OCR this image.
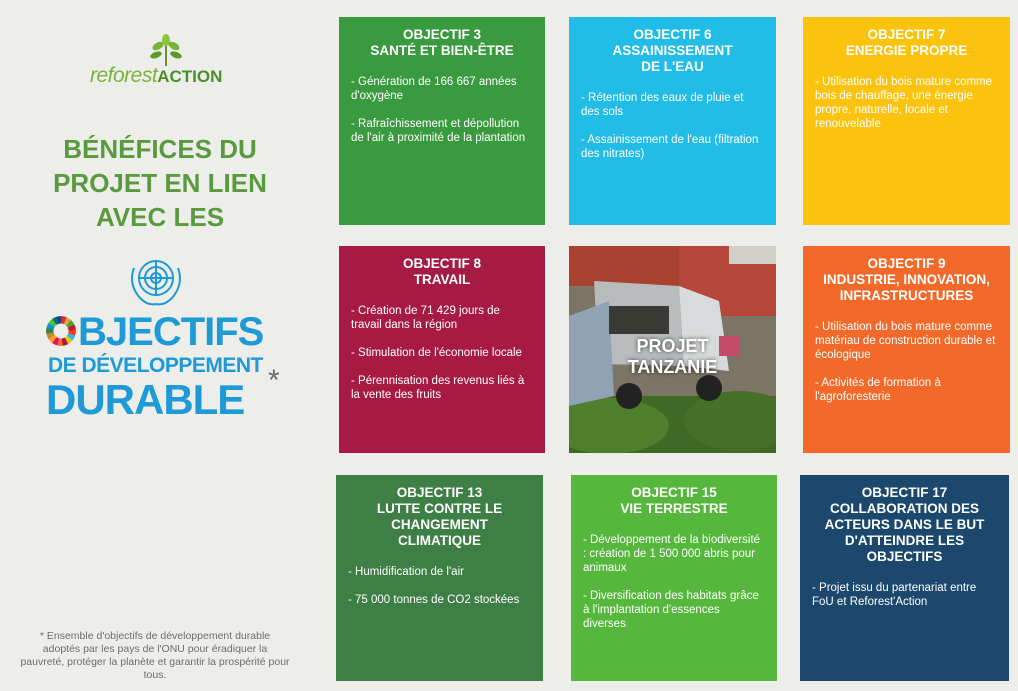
reforestACTION
BÉNÉFICES DU PROJET EN LIEN AVEC LES
BJECTIFS
DE DÉVELOPPEMENT
DURABLE *
* Ensemble d'objectifs de développement durable adoptés par les pays de l'ONU pour éradiquer la pauvreté, protéger la planète et garantir la prospérité pour tous.
OBJECTIF 3
SANTÉ ET BIEN-ÊTRE
- Génération de 166 667 années d'oxygène
- Rafraîchissement et dépollution de l'air à proximité de la plantation
OBJECTIF 6
ASSAINISSEMENT
DE L'EAU
- Rétention des eaux de pluie et des sols
- Assainissement de l'eau (filtration des nitrates)
OBJECTIF 7
ENERGIE PROPRE
- Utilisation du bois mature comme bois de chauffage, une énergie propre, naturelle, locale et renouvelable
OBJECTIF 8
TRAVAIL
- Création de 71 429 jours de travail dans la région
- Stimulation de l'économie locale
- Pérennisation des revenus liés à la vente des fruits
PROJET
TANZANIE
OBJECTIF 9
INDUSTRIE, INNOVATION,
INFRASTRUCTURES
- Utilisation du bois mature comme matériau de construction durable et écologique
- Activités de formation à l'agroforesterie
OBJECTIF 13
LUTTE CONTRE LE
CHANGEMENT
CLIMATIQUE
- Humidification de l'air
- 75 000 tonnes de CO2 stockées
OBJECTIF 15
VIE TERRESTRE
- Développement de la biodiversité : création de 1 500 000 abris pour animaux
- Diversification des habitats grâce à l'implantation d'essences diverses
OBJECTIF 17
COLLABORATION DES
ACTEURS DANS LE BUT
D'ATTEINDRE LES
OBJECTIFS
- Projet issu du partenariat entre FoU et Reforest'Action
